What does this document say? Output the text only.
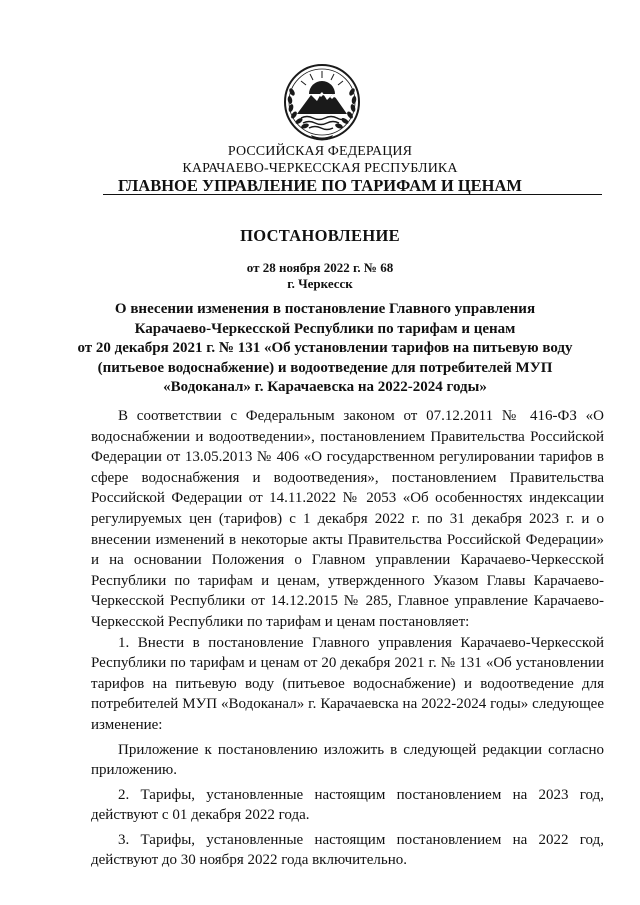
РОССИЙСКАЯ ФЕДЕРАЦИЯ
КАРАЧАЕВО-ЧЕРКЕССКАЯ РЕСПУБЛИКА
ГЛАВНОЕ УПРАВЛЕНИЕ ПО ТАРИФАМ И ЦЕНАМ
ПОСТАНОВЛЕНИЕ
от 28 ноября 2022 г. № 68
г. Черкесск
О внесении изменения в постановление Главного управления
Карачаево-Черкесской Республики по тарифам и ценам
от 20 декабря 2021 г. № 131 «Об установлении тарифов на питьевую воду
(питьевое водоснабжение) и водоотведение для потребителей МУП
«Водоканал» г. Карачаевска на 2022-2024 годы»

В соответствии с Федеральным законом от 07.12.2011 № 416-ФЗ «О водоснабжении и водоотведении», постановлением Правительства Российской Федерации от 13.05.2013 № 406 «О государственном регулировании тарифов в сфере водоснабжения и водоотведения», постановлением Правительства Российской Федерации от 14.11.2022 № 2053 «Об особенностях индексации регулируемых цен (тарифов) с 1 декабря 2022 г. по 31 декабря 2023 г. и о внесении изменений в некоторые акты Правительства Российской Федерации» и на основании Положения о Главном управлении Карачаево-Черкесской Республики по тарифам и ценам, утвержденного Указом Главы Карачаево-Черкесской Республики от 14.12.2015 № 285, Главное управление Карачаево-Черкесской Республики по тарифам и ценам постановляет:

1. Внести в постановление Главного управления Карачаево-Черкесской Республики по тарифам и ценам от 20 декабря 2021 г. № 131 «Об установлении тарифов на питьевую воду (питьевое водоснабжение) и водоотведение для потребителей МУП «Водоканал» г. Карачаевска на 2022-2024 годы» следующее изменение:

Приложение к постановлению изложить в следующей редакции согласно приложению.

2. Тарифы, установленные настоящим постановлением на 2023 год, действуют с 01 декабря 2022 года.

3. Тарифы, установленные настоящим постановлением на 2022 год, действуют до 30 ноября 2022 года включительно.
